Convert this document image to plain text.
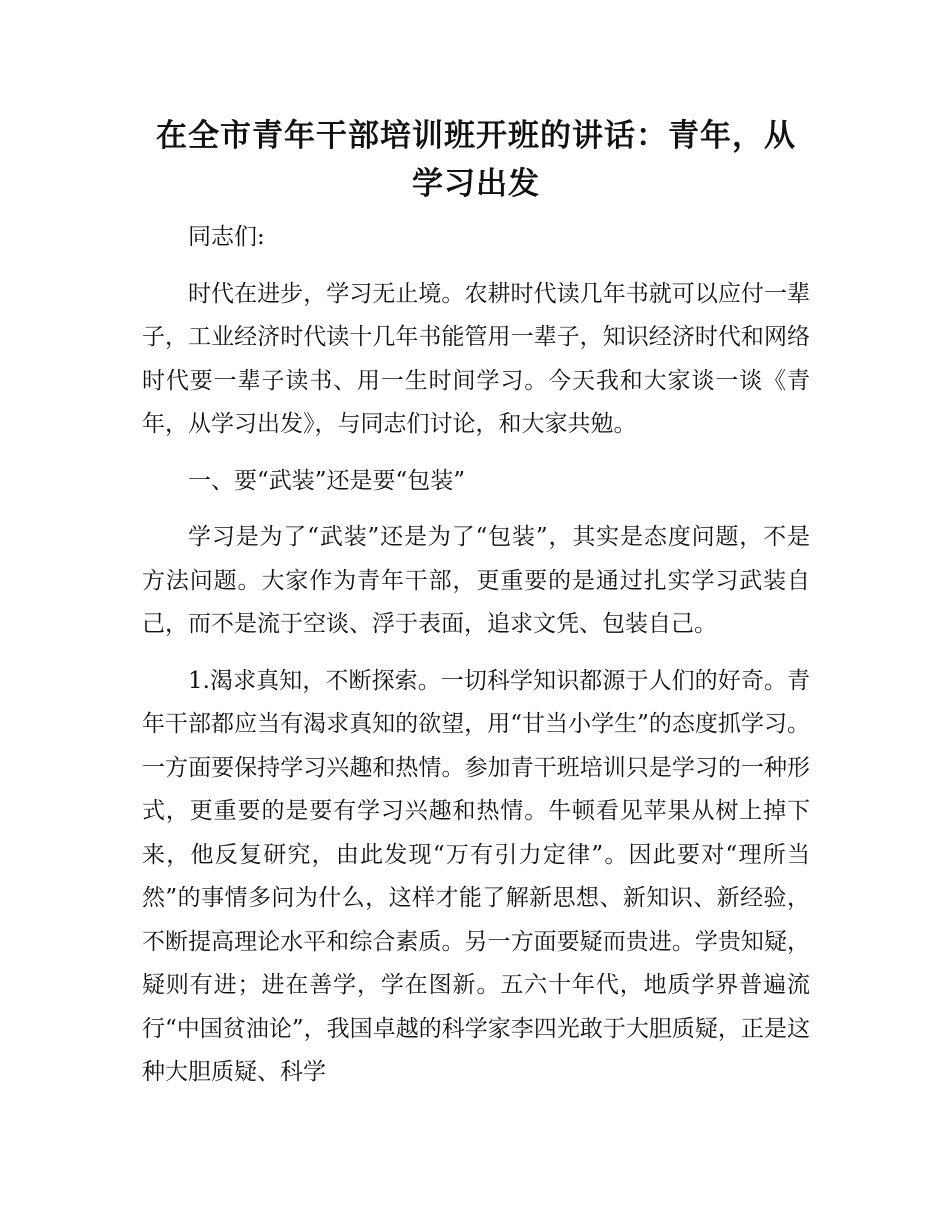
在全市青年干部培训班开班的讲话：青年，从学习出发

同志们:

时代在进步，学习无止境。农耕时代读几年书就可以应付一辈子，工业经济时代读十几年书能管用一辈子，知识经济时代和网络时代要一辈子读书、用一生时间学习。今天我和大家谈一谈《青年，从学习出发》，与同志们讨论，和大家共勉。

一、要“武装”还是要“包装”

学习是为了“武装”还是为了“包装”，其实是态度问题，不是方法问题。大家作为青年干部，更重要的是通过扎实学习武装自己，而不是流于空谈、浮于表面，追求文凭、包装自己。

1.渴求真知，不断探索。一切科学知识都源于人们的好奇。青年干部都应当有渴求真知的欲望，用“甘当小学生”的态度抓学习。一方面要保持学习兴趣和热情。参加青干班培训只是学习的一种形式，更重要的是要有学习兴趣和热情。牛顿看见苹果从树上掉下来，他反复研究，由此发现“万有引力定律”。因此要对“理所当然”的事情多问为什么，这样才能了解新思想、新知识、新经验，不断提高理论水平和综合素质。另一方面要疑而贵进。学贵知疑，疑则有进；进在善学，学在图新。五六十年代，地质学界普遍流行“中国贫油论”，我国卓越的科学家李四光敢于大胆质疑，正是这种大胆质疑、科学
